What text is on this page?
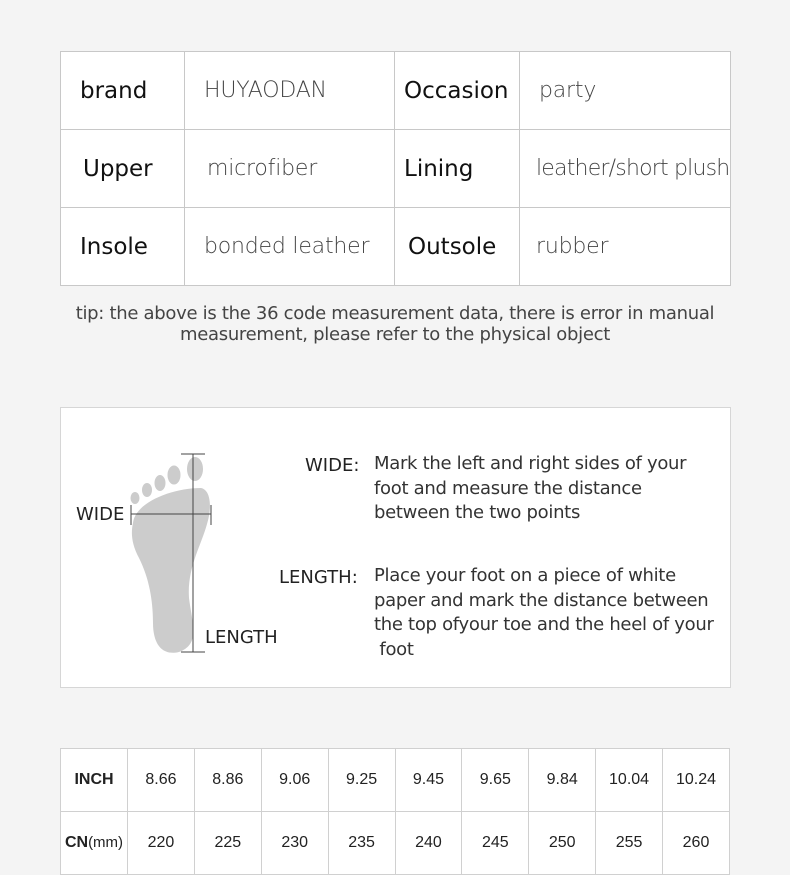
brand	HUYAODAN	Occasion	party
Upper	microfiber	Lining	leather/short plush
Insole	bonded leather	Outsole	rubber
tip: the above is the 36 code measurement data, there is error in manual
measurement, please refer to the physical object
WIDE
LENGTH
WIDE: Mark the left and right sides of your
foot and measure the distance
between the two points
LENGTH: Place your foot on a piece of white
paper and mark the distance between
the top ofyour toe and the heel of your
foot
INCH	8.66	8.86	9.06	9.25	9.45	9.65	9.84	10.04	10.24
CN(mm)	220	225	230	235	240	245	250	255	260
